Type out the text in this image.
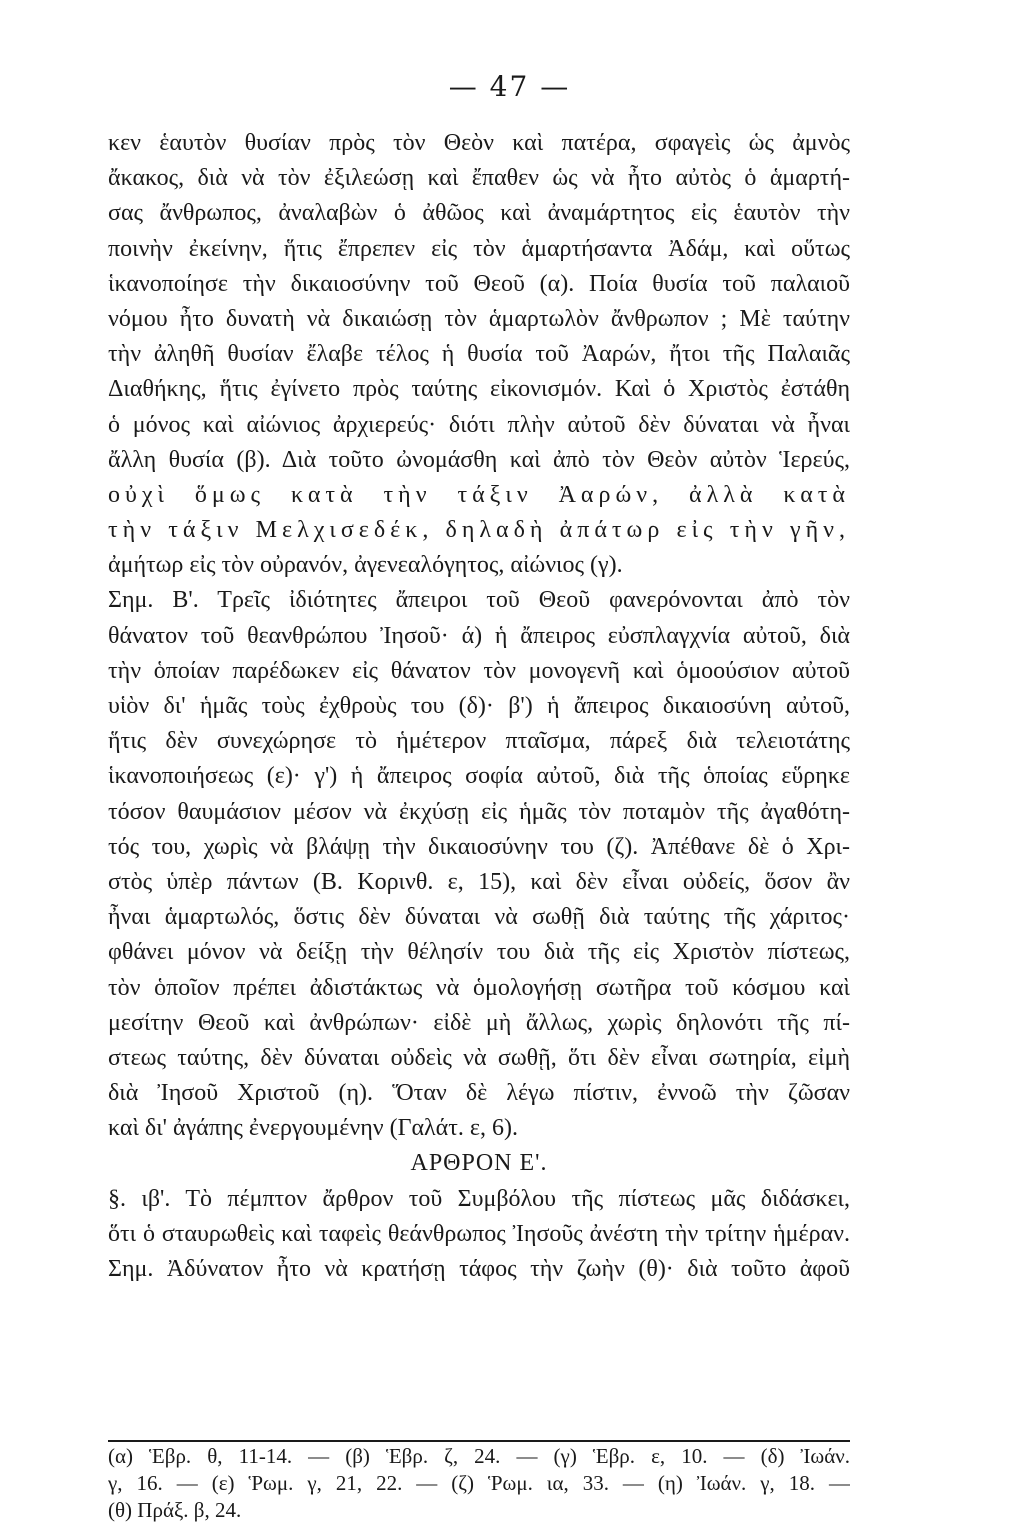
— 47 —
κεν ἑαυτὸν θυσίαν πρὸς τὸν Θεὸν καὶ πατέρα, σφαγεὶς ὡς ἀμνὸς
ἄκακος, διὰ νὰ τὸν ἐξιλεώσῃ καὶ ἔπαθεν ὡς νὰ ἦτο αὐτὸς ὁ ἁμαρτή-
σας ἄνθρωπος, ἀναλαβὼν ὁ ἀθῶος καὶ ἀναμάρτητος εἰς ἑαυτὸν τὴν
ποινὴν ἐκείνην, ἥτις ἔπρεπεν εἰς τὸν ἁμαρτήσαντα Ἀδάμ, καὶ οὕτως
ἱκανοποίησε τὴν δικαιοσύνην τοῦ Θεοῦ (α). Ποία θυσία τοῦ παλαιοῦ
νόμου ἦτο δυνατὴ νὰ δικαιώσῃ τὸν ἁμαρτωλὸν ἄνθρωπον ; Μὲ ταύτην
τὴν ἀληθῆ θυσίαν ἔλαβε τέλος ἡ θυσία τοῦ Ἀαρών, ἤτοι τῆς Παλαιᾶς
Διαθήκης, ἥτις ἐγίνετο πρὸς ταύτης εἰκονισμόν. Καὶ ὁ Χριστὸς ἐστάθη
ὁ μόνος καὶ αἰώνιος ἀρχιερεύς· διότι πλὴν αὐτοῦ δὲν δύναται νὰ ἦναι
ἄλλη θυσία (β). Διὰ τοῦτο ὠνομάσθη καὶ ἀπὸ τὸν Θεὸν αὐτὸν Ἱερεύς,
οὐχὶ ὅμως κατὰ τὴν τάξιν Ἀαρών, ἀλλὰ κατὰ
τὴν τάξιν Μελχισεδέκ, δηλαδὴ ἀπάτωρ εἰς τὴν γῆν,
ἀμήτωρ εἰς τὸν οὐρανόν, ἀγενεαλόγητος, αἰώνιος (γ).
Σημ. Β'. Τρεῖς ἰδιότητες ἄπειροι τοῦ Θεοῦ φανερόνονται ἀπὸ τὸν
θάνατον τοῦ θεανθρώπου Ἰησοῦ· ά) ἡ ἄπειρος εὐσπλαγχνία αὐτοῦ, διὰ
τὴν ὁποίαν παρέδωκεν εἰς θάνατον τὸν μονογενῆ καὶ ὁμοούσιον αὐτοῦ
υἱὸν δι' ἡμᾶς τοὺς ἐχθροὺς του (δ)· β') ἡ ἄπειρος δικαιοσύνη αὐτοῦ,
ἥτις δὲν συνεχώρησε τὸ ἡμέτερον πταῖσμα, πάρεξ διὰ τελειοτάτης
ἱκανοποιήσεως (ε)· γ') ἡ ἄπειρος σοφία αὐτοῦ, διὰ τῆς ὁποίας εὕρηκε
τόσον θαυμάσιον μέσον νὰ ἐκχύσῃ εἰς ἡμᾶς τὸν ποταμὸν τῆς ἀγαθότη-
τός του, χωρὶς νὰ βλάψῃ τὴν δικαιοσύνην του (ζ). Ἀπέθανε δὲ ὁ Χρι-
στὸς ὑπὲρ πάντων (Β. Κορινθ. ε, 15), καὶ δὲν εἶναι οὐδείς, ὅσον ἂν
ἦναι ἁμαρτωλός, ὅστις δὲν δύναται νὰ σωθῇ διὰ ταύτης τῆς χάριτος·
φθάνει μόνον νὰ δείξῃ τὴν θέλησίν του διὰ τῆς εἰς Χριστὸν πίστεως,
τὸν ὁποῖον πρέπει ἀδιστάκτως νὰ ὁμολογήσῃ σωτῆρα τοῦ κόσμου καὶ
μεσίτην Θεοῦ καὶ ἀνθρώπων· εἰδὲ μὴ ἄλλως, χωρὶς δηλονότι τῆς πί-
στεως ταύτης, δὲν δύναται οὐδεὶς νὰ σωθῇ, ὅτι δὲν εἶναι σωτηρία, εἰμὴ
διὰ Ἰησοῦ Χριστοῦ (η). Ὅταν δὲ λέγω πίστιν, ἐννοῶ τὴν ζῶσαν
καὶ δι' ἀγάπης ἐνεργουμένην (Γαλάτ. ε, 6).
ΑΡΘΡΟΝ Ε'.
§. ιβ'. Τὸ πέμπτον ἄρθρον τοῦ Συμβόλου τῆς πίστεως μᾶς διδάσκει,
ὅτι ὁ σταυρωθεὶς καὶ ταφεὶς θεάνθρωπος Ἰησοῦς ἀνέστη τὴν τρίτην ἡμέραν.
Σημ. Ἀδύνατον ἦτο νὰ κρατήσῃ τάφος τὴν ζωὴν (θ)· διὰ τοῦτο ἀφοῦ
(α) Ἑβρ. θ, 11-14. — (β) Ἑβρ. ζ, 24. — (γ) Ἑβρ. ε, 10. — (δ) Ἰωάν.
γ, 16. — (ε) Ῥωμ. γ, 21, 22. — (ζ) Ῥωμ. ια, 33. — (η) Ἰωάν. γ, 18. —
(θ) Πράξ. β, 24.
